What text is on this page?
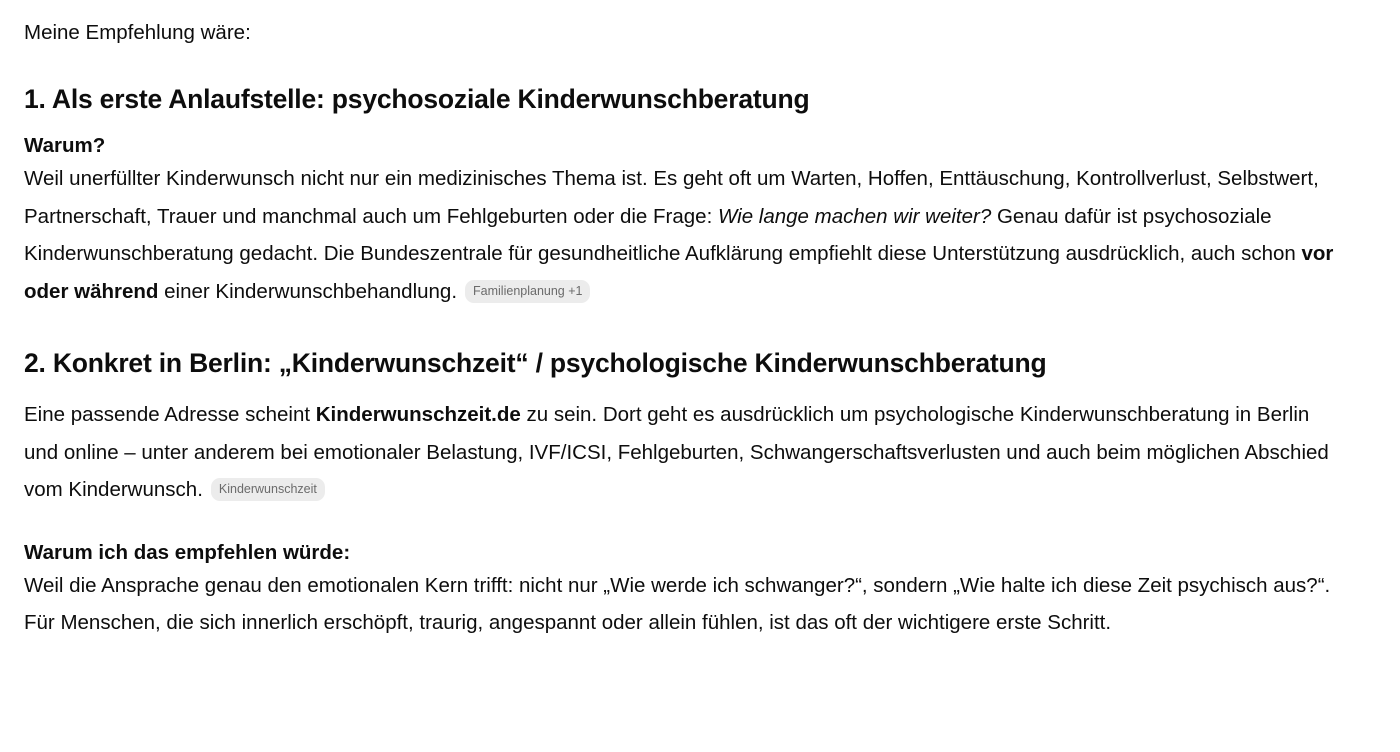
Meine Empfehlung wäre:

1. Als erste Anlaufstelle: psychosoziale Kinderwunschberatung

Warum?

Weil unerfüllter Kinderwunsch nicht nur ein medizinisches Thema ist. Es geht oft um Warten, Hoffen, Enttäuschung, Kontrollverlust, Selbstwert, Partnerschaft, Trauer und manchmal auch um Fehlgeburten oder die Frage: Wie lange machen wir weiter? Genau dafür ist psychosoziale Kinderwunschberatung gedacht. Die Bundeszentrale für gesundheitliche Aufklärung empfiehlt diese Unterstützung ausdrücklich, auch schon vor oder während einer Kinderwunschbehandlung. Familienplanung +1

2. Konkret in Berlin: „Kinderwunschzeit“ / psychologische Kinderwunschberatung

Eine passende Adresse scheint Kinderwunschzeit.de zu sein. Dort geht es ausdrücklich um psychologische Kinderwunschberatung in Berlin und online – unter anderem bei emotionaler Belastung, IVF/ICSI, Fehlgeburten, Schwangerschaftsverlusten und auch beim möglichen Abschied vom Kinderwunsch. Kinderwunschzeit

Warum ich das empfehlen würde:

Weil die Ansprache genau den emotionalen Kern trifft: nicht nur „Wie werde ich schwanger?“, sondern „Wie halte ich diese Zeit psychisch aus?“. Für Menschen, die sich innerlich erschöpft, traurig, angespannt oder allein fühlen, ist das oft der wichtigere erste Schritt.
